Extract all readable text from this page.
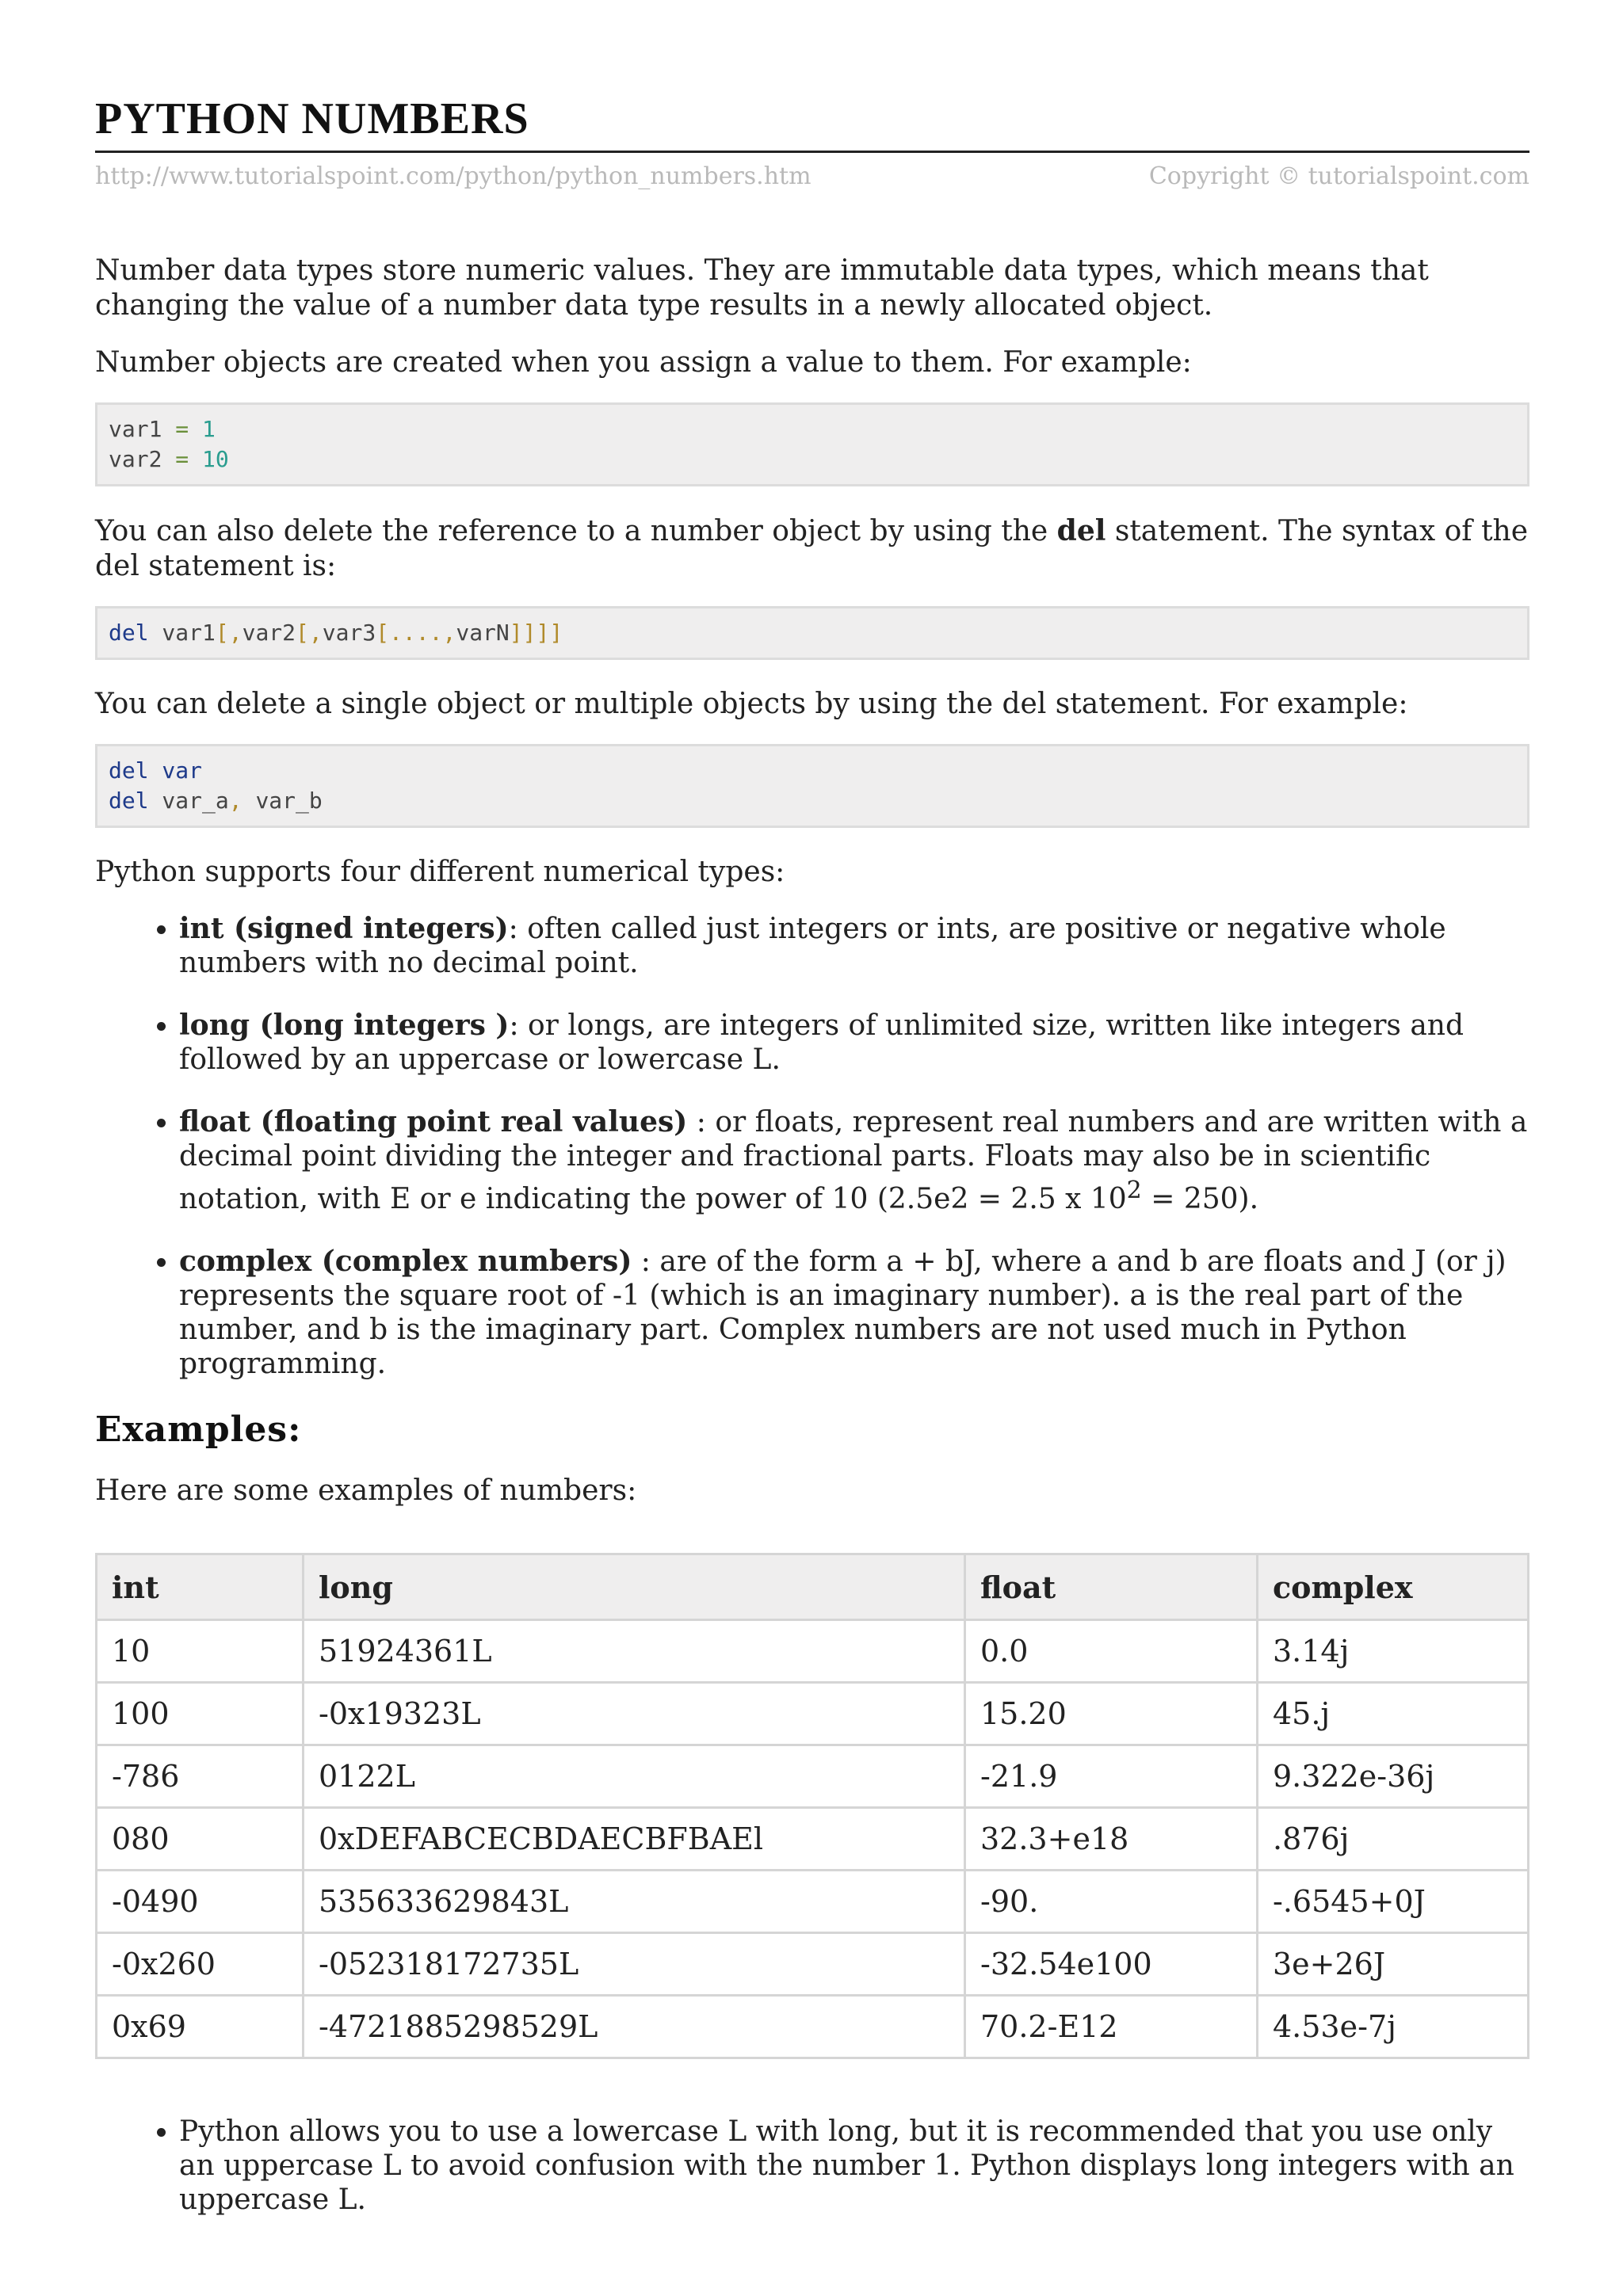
PYTHON NUMBERS
http://www.tutorialspoint.com/python/python_numbers.htm	Copyright © tutorialspoint.com

Number data types store numeric values. They are immutable data types, which means that changing the value of a number data type results in a newly allocated object.

Number objects are created when you assign a value to them. For example:

var1 = 1
var2 = 10

You can also delete the reference to a number object by using the del statement. The syntax of the del statement is:

del var1[,var2[,var3[....,varN]]]]

You can delete a single object or multiple objects by using the del statement. For example:

del var
del var_a, var_b

Python supports four different numerical types:

• int (signed integers): often called just integers or ints, are positive or negative whole numbers with no decimal point.
• long (long integers ): or longs, are integers of unlimited size, written like integers and followed by an uppercase or lowercase L.
• float (floating point real values) : or floats, represent real numbers and are written with a decimal point dividing the integer and fractional parts. Floats may also be in scientific notation, with E or e indicating the power of 10 (2.5e2 = 2.5 x $10^2 = 250$).
• complex (complex numbers) : are of the form a + bJ, where a and b are floats and J (or j) represents the square root of -1 (which is an imaginary number). a is the real part of the number, and b is the imaginary part. Complex numbers are not used much in Python programming.
Examples:

Here are some examples of numbers:

int	long	float	complex
10	51924361L	0.0	3.14j
100	-0x19323L	15.20	45.j
-786	0122L	-21.9	9.322e-36j
080	0xDEFABCECBDAECBFBAEl	32.3+e18	.876j
-0490	535633629843L	-90.	-.6545+0J
-0x260	-052318172735L	-32.54e100	3e+26J
0x69	-4721885298529L	70.2-E12	4.53e-7j
• Python allows you to use a lowercase L with long, but it is recommended that you use only an uppercase L to avoid confusion with the number 1. Python displays long integers with an uppercase L.
